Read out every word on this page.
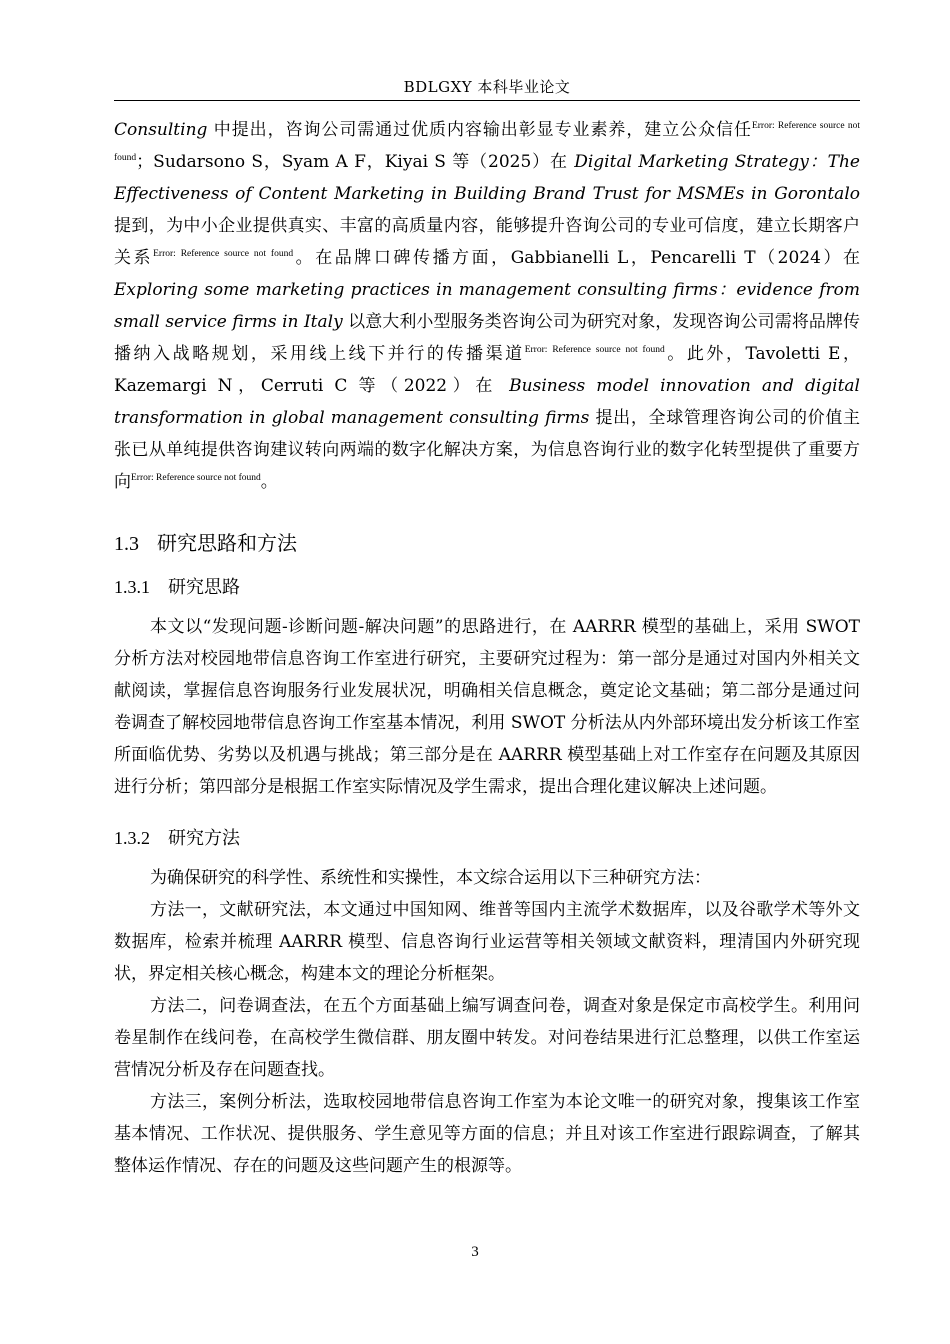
BDLGXY 本科毕业论文

Consulting 中提出，咨询公司需通过优质内容输出彰显专业素养，建立公众信任$^{Error: Reference source not found}$；Sudarsono S，Syam A F，Kiyai S 等（2025）在 Digital Marketing Strategy：The Effectiveness of Content Marketing in Building Brand Trust for MSMEs in Gorontalo 提到，为中小企业提供真实、丰富的高质量内容，能够提升咨询公司的专业可信度，建立长期客户关系$^{Error: Reference source not found}$。在品牌口碑传播方面，Gabbianelli L，Pencarelli T（2024）在 Exploring some marketing practices in management consulting firms：evidence from small service firms in Italy 以意大利小型服务类咨询公司为研究对象，发现咨询公司需将品牌传播纳入战略规划，采用线上线下并行的传播渠道$^{Error: Reference source not found}$。此外，Tavoletti E，Kazemargi N，Cerruti C 等（2022）在 Business model innovation and digital transformation in global management consulting firms 提出，全球管理咨询公司的价值主张已从单纯提供咨询建议转向两端的数字化解决方案，为信息咨询行业的数字化转型提供了重要方向$^{Error: Reference source not found}$。

1.3 研究思路和方法
1.3.1 研究思路

本文以“发现问题-诊断问题-解决问题”的思路进行，在 AARRR 模型的基础上，采用 SWOT 分析方法对校园地带信息咨询工作室进行研究，主要研究过程为：第一部分是通过对国内外相关文献阅读，掌握信息咨询服务行业发展状况，明确相关信息概念，奠定论文基础；第二部分是通过问卷调查了解校园地带信息咨询工作室基本情况，利用 SWOT 分析法从内外部环境出发分析该工作室所面临优势、劣势以及机遇与挑战；第三部分是在 AARRR 模型基础上对工作室存在问题及其原因进行分析；第四部分是根据工作室实际情况及学生需求，提出合理化建议解决上述问题。

1.3.2 研究方法

为确保研究的科学性、系统性和实操性，本文综合运用以下三种研究方法：

方法一，文献研究法，本文通过中国知网、维普等国内主流学术数据库，以及谷歌学术等外文数据库，检索并梳理 AARRR 模型、信息咨询行业运营等相关领域文献资料，理清国内外研究现状，界定相关核心概念，构建本文的理论分析框架。

方法二，问卷调查法，在五个方面基础上编写调查问卷，调查对象是保定市高校学生。利用问卷星制作在线问卷，在高校学生微信群、朋友圈中转发。对问卷结果进行汇总整理，以供工作室运营情况分析及存在问题查找。

方法三，案例分析法，选取校园地带信息咨询工作室为本论文唯一的研究对象，搜集该工作室基本情况、工作状况、提供服务、学生意见等方面的信息；并且对该工作室进行跟踪调查，了解其整体运作情况、存在的问题及这些问题产生的根源等。

3
